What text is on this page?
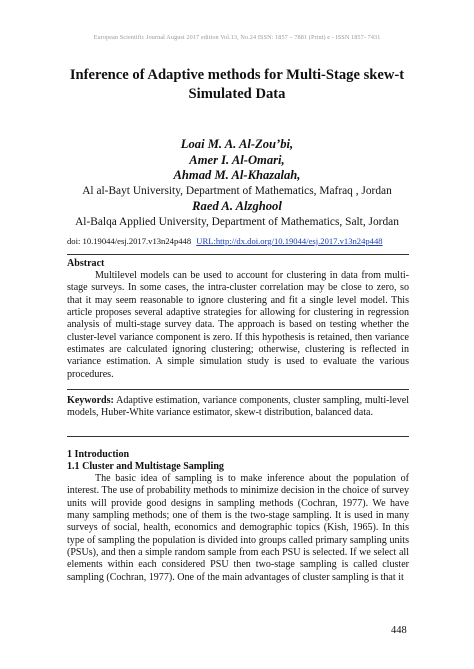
European Scientific Journal August 2017 edition Vol.13, No.24 ISSN: 1857 – 7881 (Print) e - ISSN 1857- 7431
Inference of Adaptive methods for Multi-Stage skew-t
Simulated Data
Loai M. A. Al-Zou’bi,
Amer I. Al-Omari,
Ahmad M. Al-Khazalah,
Al al-Bayt University, Department of Mathematics, Mafraq , Jordan
Raed A. Alzghool
Al-Balqa Applied University, Department of Mathematics, Salt, Jordan
doi: 10.19044/esj.2017.v13n24p448 URL:http://dx.doi.org/10.19044/esj.2017.v13n24p448
Abstract

Multilevel models can be used to account for clustering in data from multi-stage surveys. In some cases, the intra-cluster correlation may be close to zero, so that it may seem reasonable to ignore clustering and fit a single level model. This article proposes several adaptive strategies for allowing for clustering in regression analysis of multi-stage survey data. The approach is based on testing whether the cluster-level variance component is zero. If this hypothesis is retained, then variance estimates are calculated ignoring clustering; otherwise, clustering is reflected in variance estimation. A simple simulation study is used to evaluate the various procedures.

Keywords: Adaptive estimation, variance components, cluster sampling, multi-level models, Huber-White variance estimator, skew-t distribution, balanced data.

1 Introduction
1.1 Cluster and Multistage Sampling

The basic idea of sampling is to make inference about the population of interest. The use of probability methods to minimize decision in the choice of survey units will provide good designs in sampling methods (Cochran, 1977). We have many sampling methods; one of them is the two-stage sampling. It is used in many surveys of social, health, economics and demographic topics (Kish, 1965). In this type of sampling the population is divided into groups called primary sampling units (PSUs), and then a simple random sample from each PSU is selected. If we select all elements within each considered PSU then two-stage sampling is called cluster sampling (Cochran, 1977). One of the main advantages of cluster sampling is that it

448
